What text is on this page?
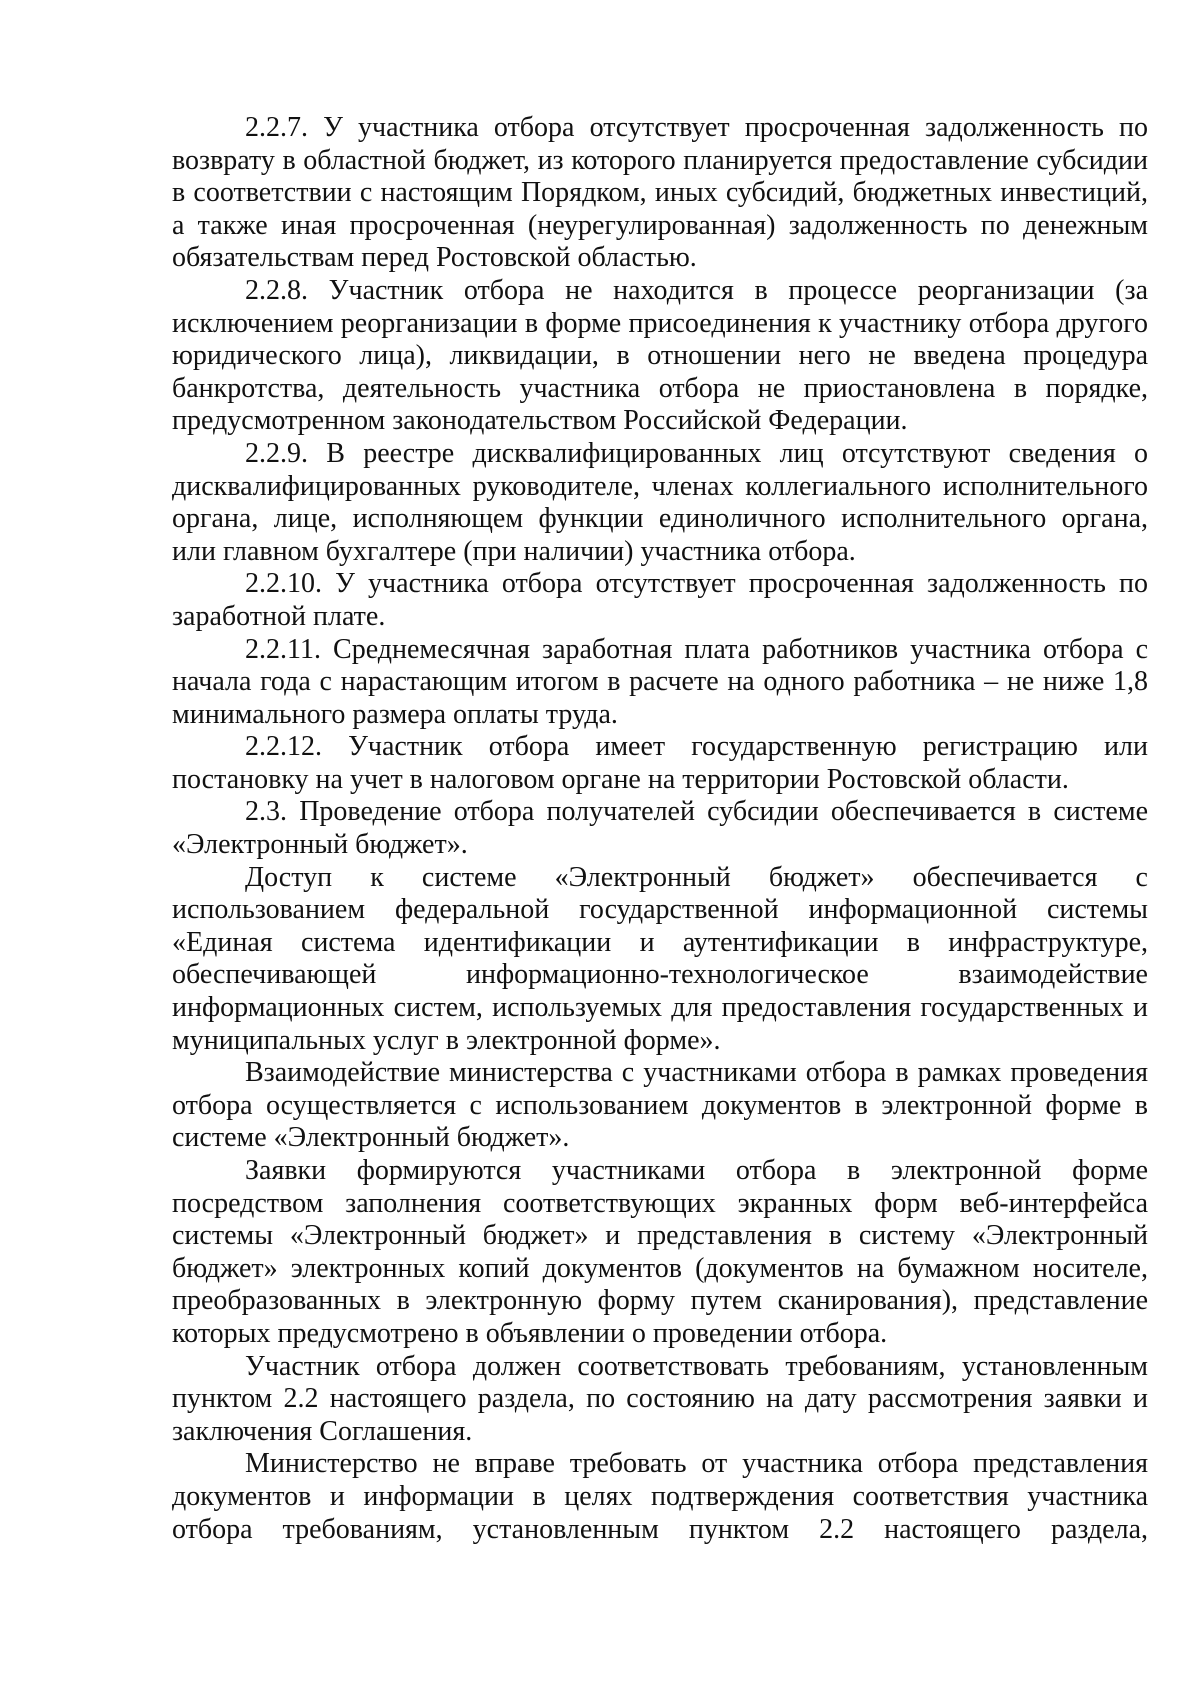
2.2.7. У участника отбора отсутствует просроченная задолженность по возврату в областной бюджет, из которого планируется предоставление субсидии в соответствии с настоящим Порядком, иных субсидий, бюджетных инвестиций, а также иная просроченная (неурегулированная) задолженность по денежным обязательствам перед Ростовской областью.

2.2.8. Участник отбора не находится в процессе реорганизации (за исключением реорганизации в форме присоединения к участнику отбора другого юридического лица), ликвидации, в отношении него не введена процедура банкротства, деятельность участника отбора не приостановлена в порядке, предусмотренном законодательством Российской Федерации.

2.2.9. В реестре дисквалифицированных лиц отсутствуют сведения о дисквалифицированных руководителе, членах коллегиального исполнительного органа, лице, исполняющем функции единоличного исполнительного органа, или главном бухгалтере (при наличии) участника отбора.

2.2.10. У участника отбора отсутствует просроченная задолженность по заработной плате.

2.2.11. Среднемесячная заработная плата работников участника отбора с начала года с нарастающим итогом в расчете на одного работника – не ниже 1,8 минимального размера оплаты труда.

2.2.12. Участник отбора имеет государственную регистрацию или постановку на учет в налоговом органе на территории Ростовской области.

2.3. Проведение отбора получателей субсидии обеспечивается в системе «Электронный бюджет».

Доступ к системе «Электронный бюджет» обеспечивается с использованием федеральной государственной информационной системы «Единая система идентификации и аутентификации в инфраструктуре, обеспечивающей информационно-технологическое взаимодействие информационных систем, используемых для предоставления государственных и муниципальных услуг в электронной форме».

Взаимодействие министерства с участниками отбора в рамках проведения отбора осуществляется с использованием документов в электронной форме в системе «Электронный бюджет».

Заявки формируются участниками отбора в электронной форме посредством заполнения соответствующих экранных форм веб-интерфейса системы «Электронный бюджет» и представления в систему «Электронный бюджет» электронных копий документов (документов на бумажном носителе, преобразованных в электронную форму путем сканирования), представление которых предусмотрено в объявлении о проведении отбора.

Участник отбора должен соответствовать требованиям, установленным пунктом 2.2 настоящего раздела, по состоянию на дату рассмотрения заявки и заключения Соглашения.

Министерство не вправе требовать от участника отбора представления документов и информации в целях подтверждения соответствия участника отбора требованиям, установленным пунктом 2.2 настоящего раздела,
